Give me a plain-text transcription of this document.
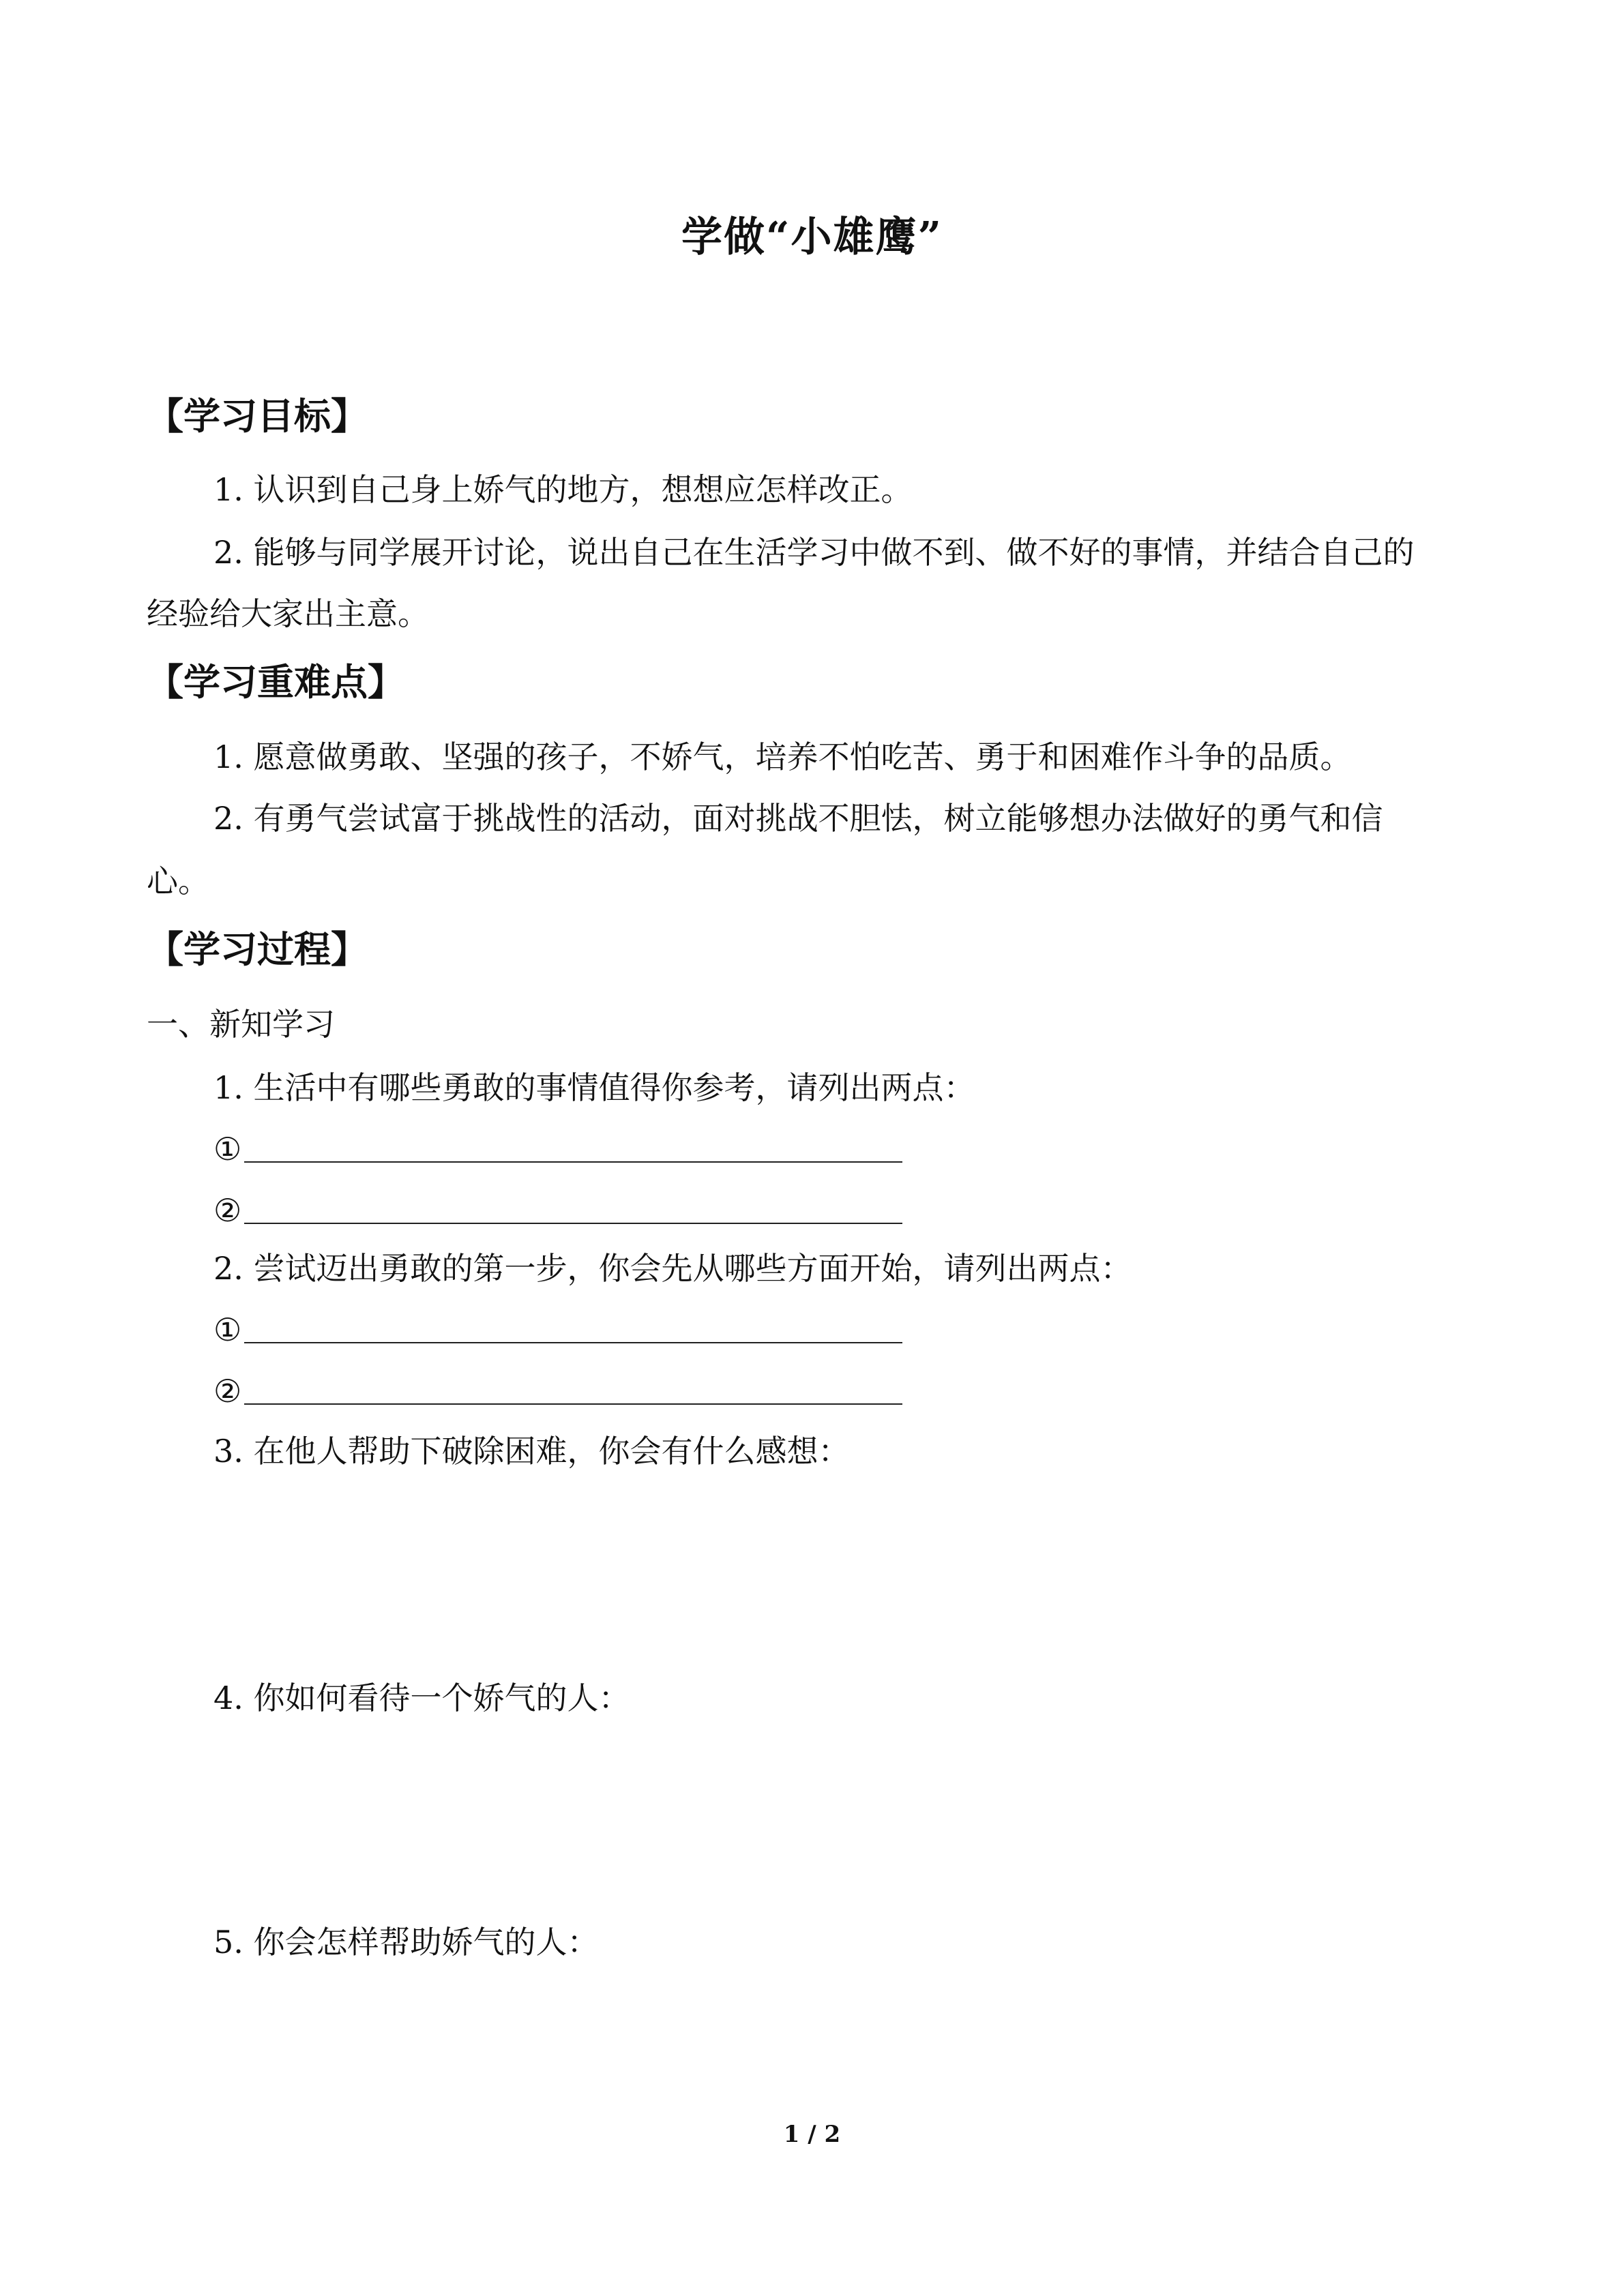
学做“小雄鹰”
【学习目标】
1. 认识到自己身上娇气的地方，想想应怎样改正。
2. 能够与同学展开讨论，说出自己在生活学习中做不到、做不好的事情，并结合自己的
经验给大家出主意。
【学习重难点】
1. 愿意做勇敢、坚强的孩子，不娇气，培养不怕吃苦、勇于和困难作斗争的品质。
2. 有勇气尝试富于挑战性的活动，面对挑战不胆怯，树立能够想办法做好的勇气和信
心。
【学习过程】
一、新知学习
1. 生活中有哪些勇敢的事情值得你参考，请列出两点：
①
②
2. 尝试迈出勇敢的第一步，你会先从哪些方面开始，请列出两点：
①
②
3. 在他人帮助下破除困难，你会有什么感想：
4. 你如何看待一个娇气的人：
5. 你会怎样帮助娇气的人：
1 / 2
